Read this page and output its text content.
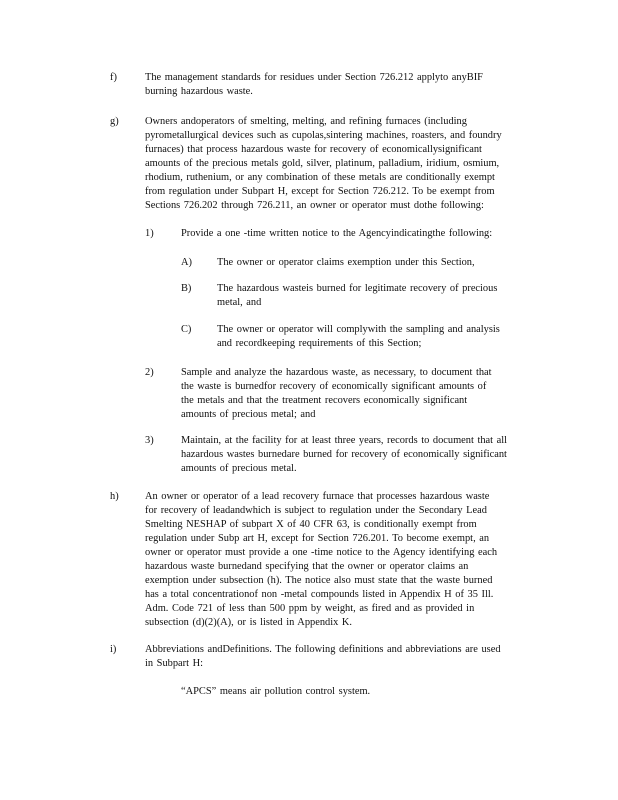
f)	The management standards for residues under Section 726.212 applyto anyBIF
burning hazardous waste.
g)	Owners andoperators of smelting, melting, and refining furnaces (including
pyrometallurgical devices such as cupolas,sintering machines, roasters, and foundry
furnaces) that process hazardous waste for recovery of economicallysignificant
amounts of the precious metals gold, silver, platinum, palladium, iridium, osmium,
rhodium, ruthenium, or any combination of these metals are conditionally exempt
from regulation under Subpart H, except for Section 726.212. To be exempt from
Sections 726.202 through 726.211, an owner or operator must dothe following:
1)	Provide a one -time written notice to the Agencyindicatingthe following:
A) The owner or operator claims exemption under this Section,
B) The hazardous wasteis burned for legitimate recovery of precious
metal, and
C) The owner or operator will complywith the sampling and analysis
and recordkeeping requirements of this Section;
2)	Sample and analyze the hazardous waste, as necessary, to document that
the waste is burnedfor recovery of economically significant amounts of
the metals and that the treatment recovers economically significant
amounts of precious metal; and
3)	Maintain, at the facility for at least three years, records to document that all
hazardous wastes burnedare burned for recovery of economically significant
amounts of precious metal.
h)	An owner or operator of a lead recovery furnace that processes hazardous waste
for recovery of leadandwhich is subject to regulation under the Secondary Lead
Smelting NESHAP of subpart X of 40 CFR 63, is conditionally exempt from
regulation under Subp art H, except for Section 726.201. To become exempt, an
owner or operator must provide a one -time notice to the Agency identifying each
hazardous waste burnedand specifying that the owner or operator claims an
exemption under subsection (h). The notice also must state that the waste burned
has a total concentrationof non -metal compounds listed in Appendix H of 35 Ill.
Adm. Code 721 of less than 500 ppm by weight, as fired and as provided in
subsection (d)(2)(A), or is listed in Appendix K.
i)	Abbreviations andDefinitions. The following definitions and abbreviations are used
in Subpart H:
“APCS” means air pollution control system.
